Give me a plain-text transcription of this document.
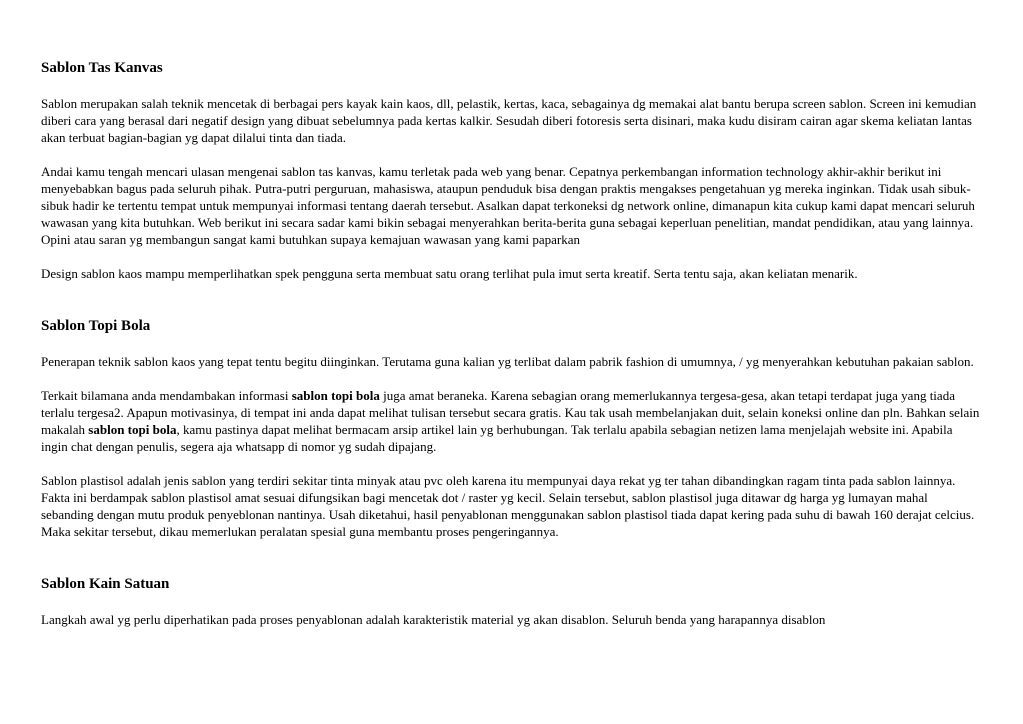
Sablon Tas Kanvas

Sablon merupakan salah teknik mencetak di berbagai pers kayak kain kaos, dll, pelastik, kertas, kaca, sebagainya dg memakai alat bantu berupa screen sablon. Screen ini kemudian diberi cara yang berasal dari negatif design yang dibuat sebelumnya pada kertas kalkir. Sesudah diberi fotoresis serta disinari, maka kudu disiram cairan agar skema keliatan lantas akan terbuat bagian-bagian yg dapat dilalui tinta dan tiada.

Andai kamu tengah mencari ulasan mengenai sablon tas kanvas, kamu terletak pada web yang benar. Cepatnya perkembangan information technology akhir-akhir berikut ini menyebabkan bagus pada seluruh pihak. Putra-putri perguruan, mahasiswa, ataupun penduduk bisa dengan praktis mengakses pengetahuan yg mereka inginkan. Tidak usah sibuk-sibuk hadir ke tertentu tempat untuk mempunyai informasi tentang daerah tersebut. Asalkan dapat terkoneksi dg network online, dimanapun kita cukup kami dapat mencari seluruh wawasan yang kita butuhkan. Web berikut ini secara sadar kami bikin sebagai menyerahkan berita-berita guna sebagai keperluan penelitian, mandat pendidikan, atau yang lainnya. Opini atau saran yg membangun sangat kami butuhkan supaya kemajuan wawasan yang kami paparkan

Design sablon kaos mampu memperlihatkan spek pengguna serta membuat satu orang terlihat pula imut serta kreatif. Serta tentu saja, akan keliatan menarik.

Sablon Topi Bola

Penerapan teknik sablon kaos yang tepat tentu begitu diinginkan. Terutama guna kalian yg terlibat dalam pabrik fashion di umumnya, / yg menyerahkan kebutuhan pakaian sablon.

Terkait bilamana anda mendambakan informasi sablon topi bola juga amat beraneka. Karena sebagian orang memerlukannya tergesa-gesa, akan tetapi terdapat juga yang tiada terlalu tergesa2. Apapun motivasinya, di tempat ini anda dapat melihat tulisan tersebut secara gratis. Kau tak usah membelanjakan duit, selain koneksi online dan pln. Bahkan selain makalah sablon topi bola, kamu pastinya dapat melihat bermacam arsip artikel lain yg berhubungan. Tak terlalu apabila sebagian netizen lama menjelajah website ini. Apabila ingin chat dengan penulis, segera aja whatsapp di nomor yg sudah dipajang.

Sablon plastisol adalah jenis sablon yang terdiri sekitar tinta minyak atau pvc oleh karena itu mempunyai daya rekat yg ter tahan dibandingkan ragam tinta pada sablon lainnya. Fakta ini berdampak sablon plastisol amat sesuai difungsikan bagi mencetak dot / raster yg kecil. Selain tersebut, sablon plastisol juga ditawar dg harga yg lumayan mahal sebanding dengan mutu produk penyeblonan nantinya. Usah diketahui, hasil penyablonan menggunakan sablon plastisol tiada dapat kering pada suhu di bawah 160 derajat celcius. Maka sekitar tersebut, dikau memerlukan peralatan spesial guna membantu proses pengeringannya.

Sablon Kain Satuan

Langkah awal yg perlu diperhatikan pada proses penyablonan adalah karakteristik material yg akan disablon. Seluruh benda yang harapannya disablon
